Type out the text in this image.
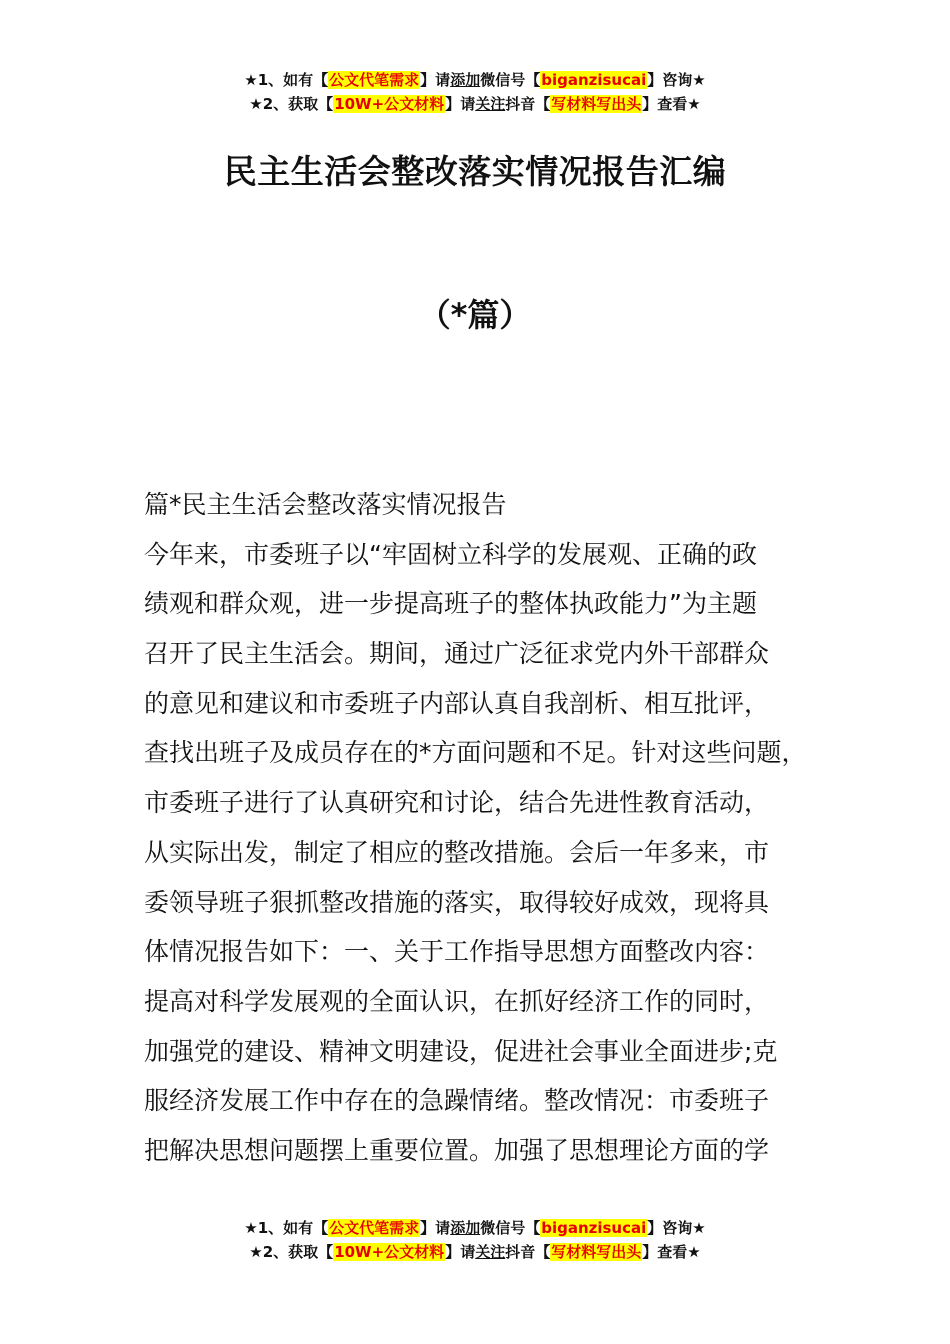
★1、如有【公文代笔需求】请添加微信号【biganzisucai】咨询★
★2、获取【10W+公文材料】请关注抖音【写材料写出头】查看★
民主生活会整改落实情况报告汇编
（*篇）
篇*民主生活会整改落实情况报告
今年来，市委班子以“牢固树立科学的发展观、正确的政
绩观和群众观，进一步提高班子的整体执政能力”为主题
召开了民主生活会。期间，通过广泛征求党内外干部群众
的意见和建议和市委班子内部认真自我剖析、相互批评，
查找出班子及成员存在的*方面问题和不足。针对这些问题，
市委班子进行了认真研究和讨论，结合先进性教育活动，
从实际出发，制定了相应的整改措施。会后一年多来，市
委领导班子狠抓整改措施的落实，取得较好成效，现将具
体情况报告如下：一、关于工作指导思想方面整改内容：
提高对科学发展观的全面认识，在抓好经济工作的同时，
加强党的建设、精神文明建设，促进社会事业全面进步;克
服经济发展工作中存在的急躁情绪。整改情况：市委班子
把解决思想问题摆上重要位置。加强了思想理论方面的学
★1、如有【公文代笔需求】请添加微信号【biganzisucai】咨询★
★2、获取【10W+公文材料】请关注抖音【写材料写出头】查看★
